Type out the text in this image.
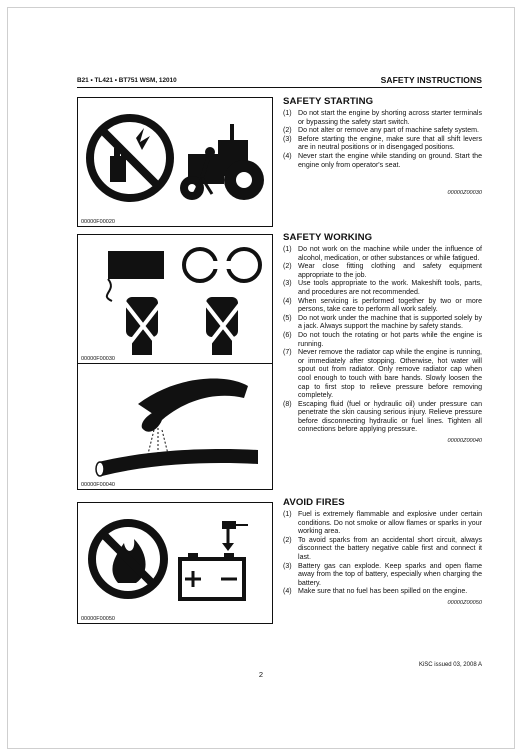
B21 • TL421 • BT751 WSM, 12010	SAFETY INSTRUCTIONS
00000F00020
00000F00030
00000F00040
00000F00050
SAFETY STARTING
(1) Do not start the engine by shorting across starter terminals or bypassing the safety start switch.
(2) Do not alter or remove any part of machine safety system.
(3) Before starting the engine, make sure that all shift levers are in neutral positions or in disengaged positions.
(4) Never start the engine while standing on ground. Start the engine only from operator's seat.
00000Z00030
SAFETY WORKING
(1) Do not work on the machine while under the influence of alcohol, medication, or other substances or while fatigued.
(2) Wear close fitting clothing and safety equipment appropriate to the job.
(3) Use tools appropriate to the work. Makeshift tools, parts, and procedures are not recommended.
(4) When servicing is performed together by two or more persons, take care to perform all work safely.
(5) Do not work under the machine that is supported solely by a jack. Always support the machine by safety stands.
(6) Do not touch the rotating or hot parts while the engine is running.
(7) Never remove the radiator cap while the engine is running, or immediately after stopping. Otherwise, hot water will spout out from radiator. Only remove radiator cap when cool enough to touch with bare hands. Slowly loosen the cap to first stop to relieve pressure before removing completely.
(8) Escaping fluid (fuel or hydraulic oil) under pressure can penetrate the skin causing serious injury. Relieve pressure before disconnecting hydraulic or fuel lines. Tighten all connections before applying pressure.
00000Z00040
AVOID FIRES
(1) Fuel is extremely flammable and explosive under certain conditions. Do not smoke or allow flames or sparks in your working area.
(2) To avoid sparks from an accidental short circuit, always disconnect the battery negative cable first and connect it last.
(3) Battery gas can explode. Keep sparks and open flame away from the top of battery, especially when charging the battery.
(4) Make sure that no fuel has been spilled on the engine.
00000Z00050
KiSC issued 03, 2008 A
2
